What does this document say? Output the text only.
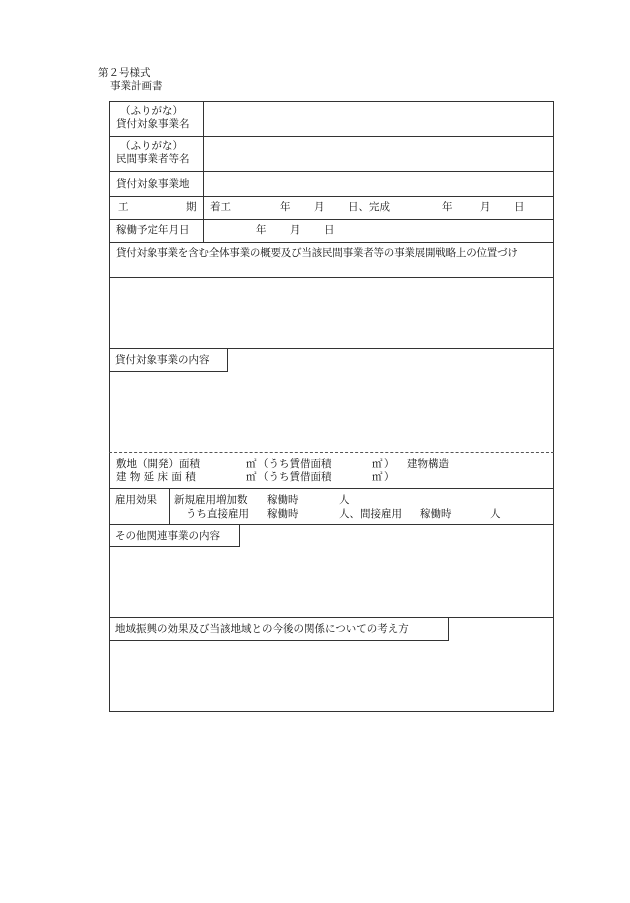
第２号様式
事業計画書
（ふりがな）
貸付対象事業名
（ふりがな）
民間事業者等名
貸付対象事業地
工	期 着工	年 月 日、完成	年	月 日
稼働予定年月日	年 月 日
貸付対象事業を含む全体事業の概要及び当該民間事業者等の事業展開戦略上の位置づけ
貸付対象事業の内容
敷地（開発）面積	㎡ （うち賃借面積	㎡ ） 建物構造
建 物 延 床 面 積	㎡ （うち賃借面積	㎡ ）
雇用効果 新規雇用増加数 稼働時	人
うち直接雇用 稼働時	人、間接雇用 稼働時	人
その他関連事業の内容
地域振興の効果及び当該地域との今後の関係についての考え方
